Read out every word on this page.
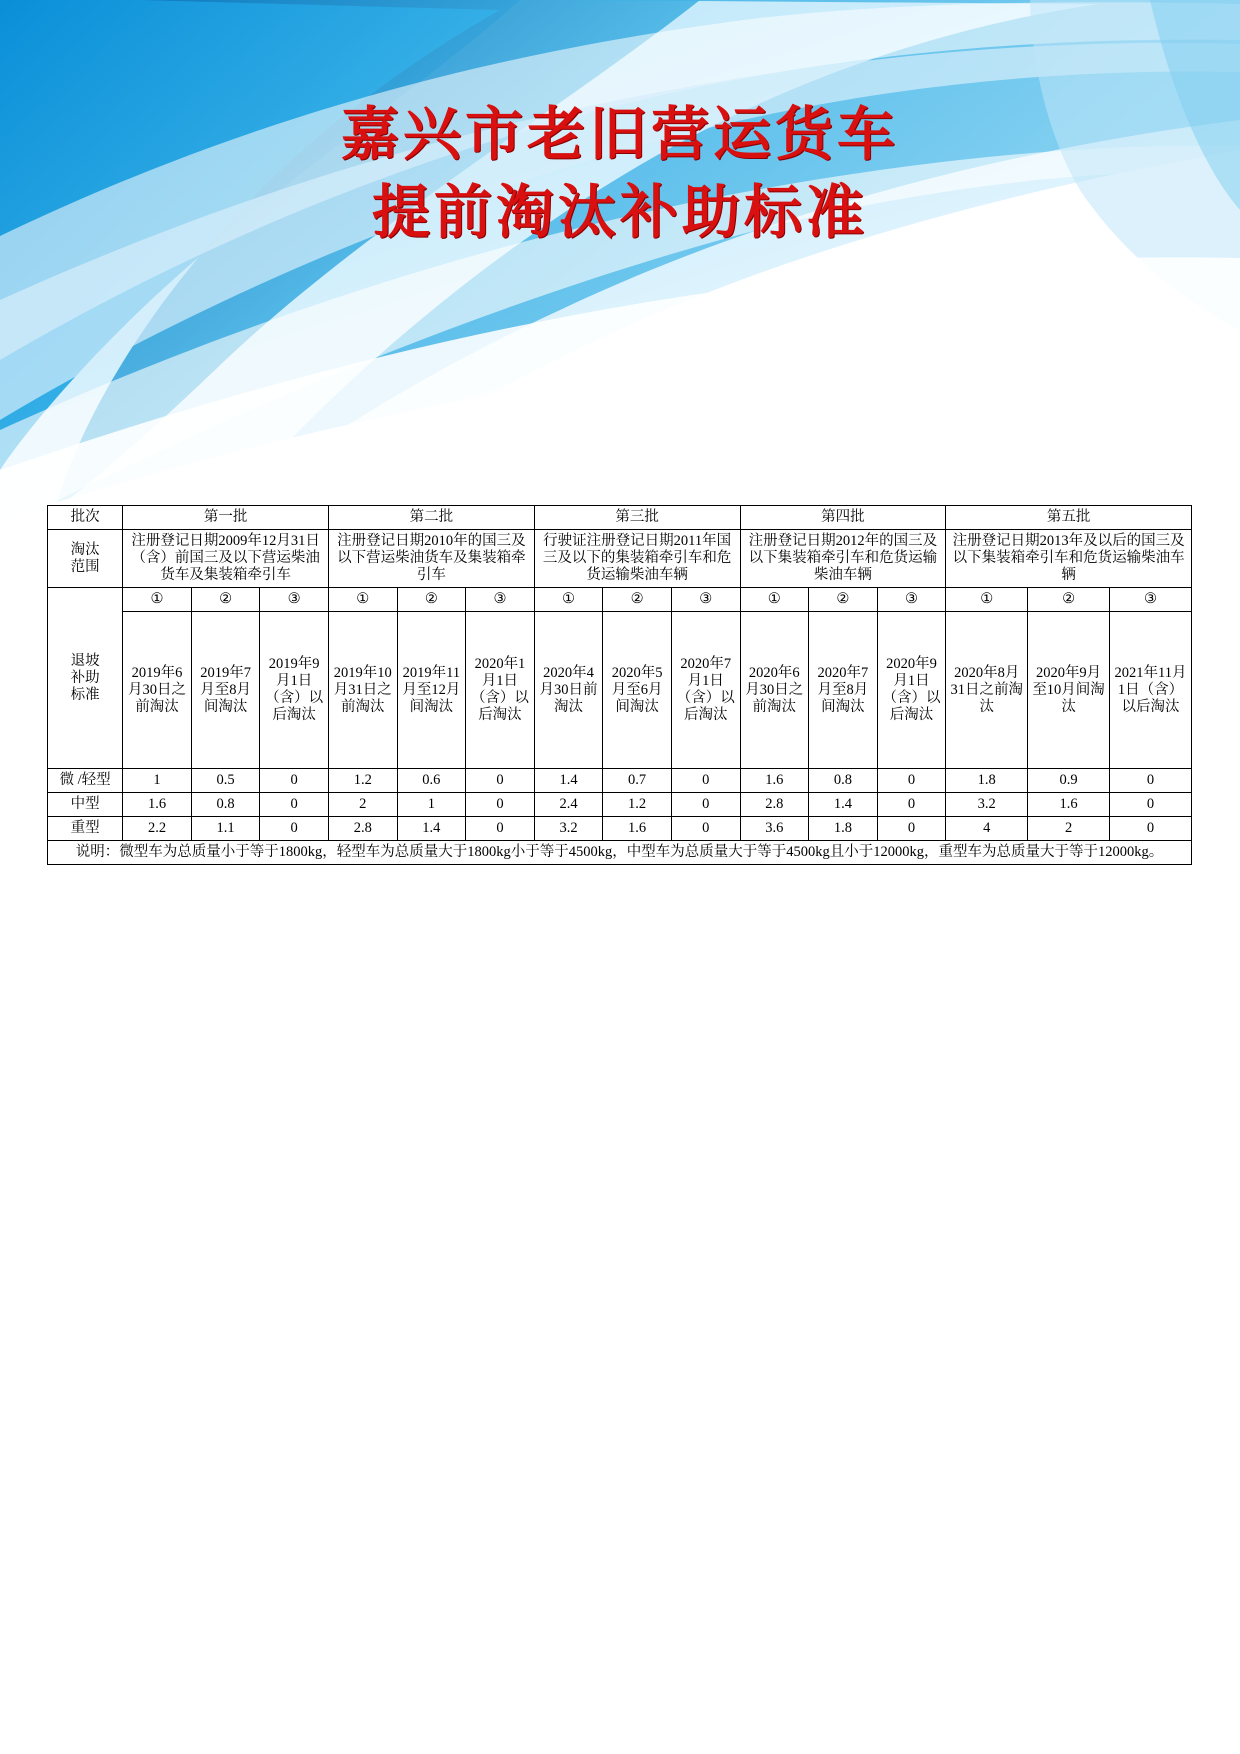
嘉兴市老旧营运货车
提前淘汰补助标准
批次	第一批			第二批			第三批			第四批			第五批		
淘汰
范围	注册登记日期2009年12月31日（含）前国三及以下营运柴油货车及集装箱牵引车			注册登记日期2010年的国三及以下营运柴油货车及集装箱牵引车			行驶证注册登记日期2011年国三及以下的集装箱牵引车和危货运输柴油车辆			注册登记日期2012年的国三及以下集装箱牵引车和危货运输柴油车辆			注册登记日期2013年及以后的国三及以下集装箱牵引车和危货运输柴油车辆		
退坡
补助
标准	①	②	③	①	②	③	①	②	③	①	②	③	①	②	③
	2019年6月30日之前淘汰	2019年7月至8月间淘汰	2019年9月1日（含）以后淘汰	2019年10月31日之前淘汰	2019年11月至12月间淘汰	2020年1月1日（含）以后淘汰	2020年4月30日前淘汰	2020年5月至6月间淘汰	2020年7月1日（含）以后淘汰	2020年6月30日之前淘汰	2020年7月至8月间淘汰	2020年9月1日（含）以后淘汰	2020年8月31日之前淘汰	2020年9月至10月间淘汰	2021年11月1日（含）以后淘汰
微 /轻型	1	0.5	0	1.2	0.6	0	1.4	0.7	0	1.6	0.8	0	1.8	0.9	0
中型	1.6	0.8	0	2	1	0	2.4	1.2	0	2.8	1.4	0	3.2	1.6	0
重型	2.2	1.1	0	2.8	1.4	0	3.2	1.6	0	3.6	1.8	0	4	2	0
说明：微型车为总质量小于等于1800kg，轻型车为总质量大于1800kg小于等于4500kg，中型车为总质量大于等于4500kg且小于12000kg，重型车为总质量大于等于12000kg。															
